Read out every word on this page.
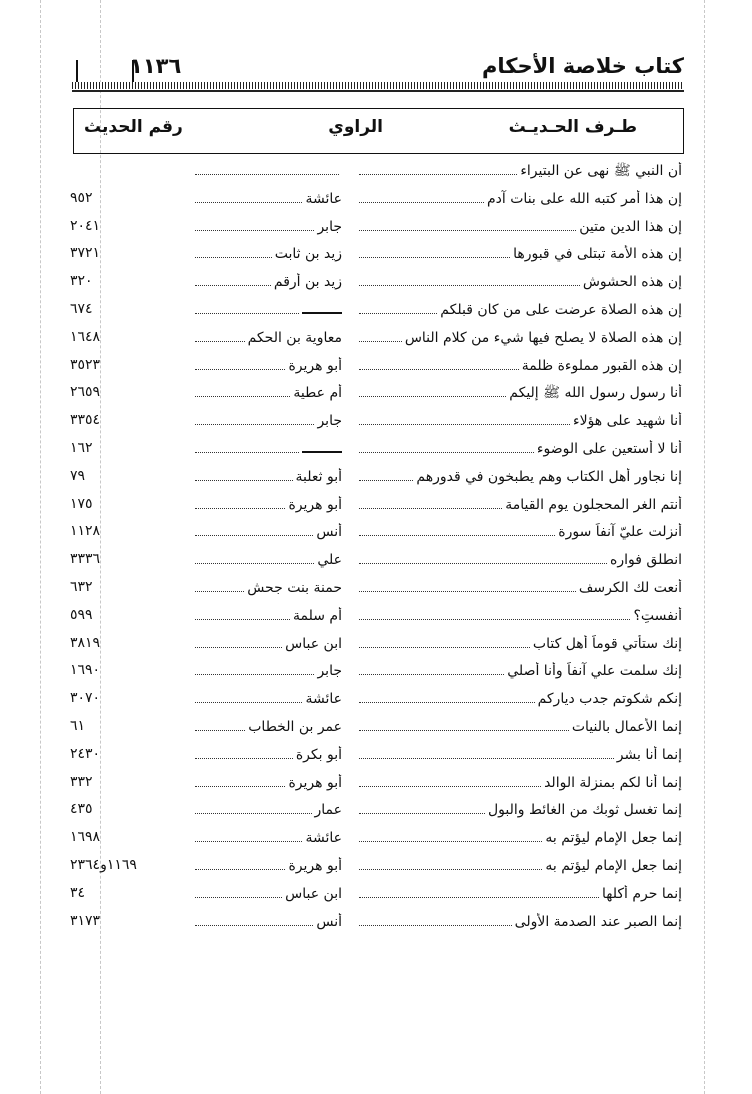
كتاب خلاصة الأحكام
١١٣٦
طـرف الحـديـث
الراوي
رقم الحديث
أن النبي ﷺ نهى عن البتيراء
إن هذا أمر كتبه الله على بنات آدم
عائشة
٩٥٢
إن هذا الدين متين
جابر
٢٠٤١
إن هذه الأمة تبتلى في قبورها
زيد بن ثابت
٣٧٢١
إن هذه الحشوش
زيد بن أرقم
٣٢٠
إن هذه الصلاة عرضت على من كان قبلكم
٦٧٤
إن هذه الصلاة لا يصلح فيها شيء من كلام الناس
معاوية بن الحكم
١٦٤٨
إن هذه القبور مملوءة ظلمة
أبو هريرة
٣٥٢٣
أنا رسول رسول الله ﷺ إليكم
أم عطية
٢٦٥٩
أنا شهيد على هؤلاء
جابر
٣٣٥٤
أنا لا أستعين على الوضوء
١٦٢
إنا نجاور أهل الكتاب وهم يطبخون في قدورهم
أبو ثعلبة
٧٩
أنتم الغر المحجلون يوم القيامة
أبو هريرة
١٧٥
أنزلت عليّ آنفاً سورة
أنس
١١٢٨
انطلق فواره
علي
٣٣٣٦
أنعت لك الكرسف
حمنة بنت جحش
٦٣٢
أنفستِ؟
أم سلمة
٥٩٩
إنك ستأتي قوماً أهل كتاب
ابن عباس
٣٨١٩
إنك سلمت علي آنفاً وأنا أصلي
جابر
١٦٩٠
إنكم شكوتم جدب دياركم
عائشة
٣٠٧٠
إنما الأعمال بالنيات
عمر بن الخطاب
٦١
إنما أنا بشر
أبو بكرة
٢٤٣٠
إنما أنا لكم بمنزلة الوالد
أبو هريرة
٣٣٢
إنما تغسل ثوبك من الغائط والبول
عمار
٤٣٥
إنما جعل الإمام ليؤتم به
عائشة
١٦٩٨
إنما جعل الإمام ليؤتم به
أبو هريرة
١١٦٩و٢٣٦٤
إنما حرم أكلها
ابن عباس
٣٤
إنما الصبر عند الصدمة الأولى
أنس
٣١٧٣
